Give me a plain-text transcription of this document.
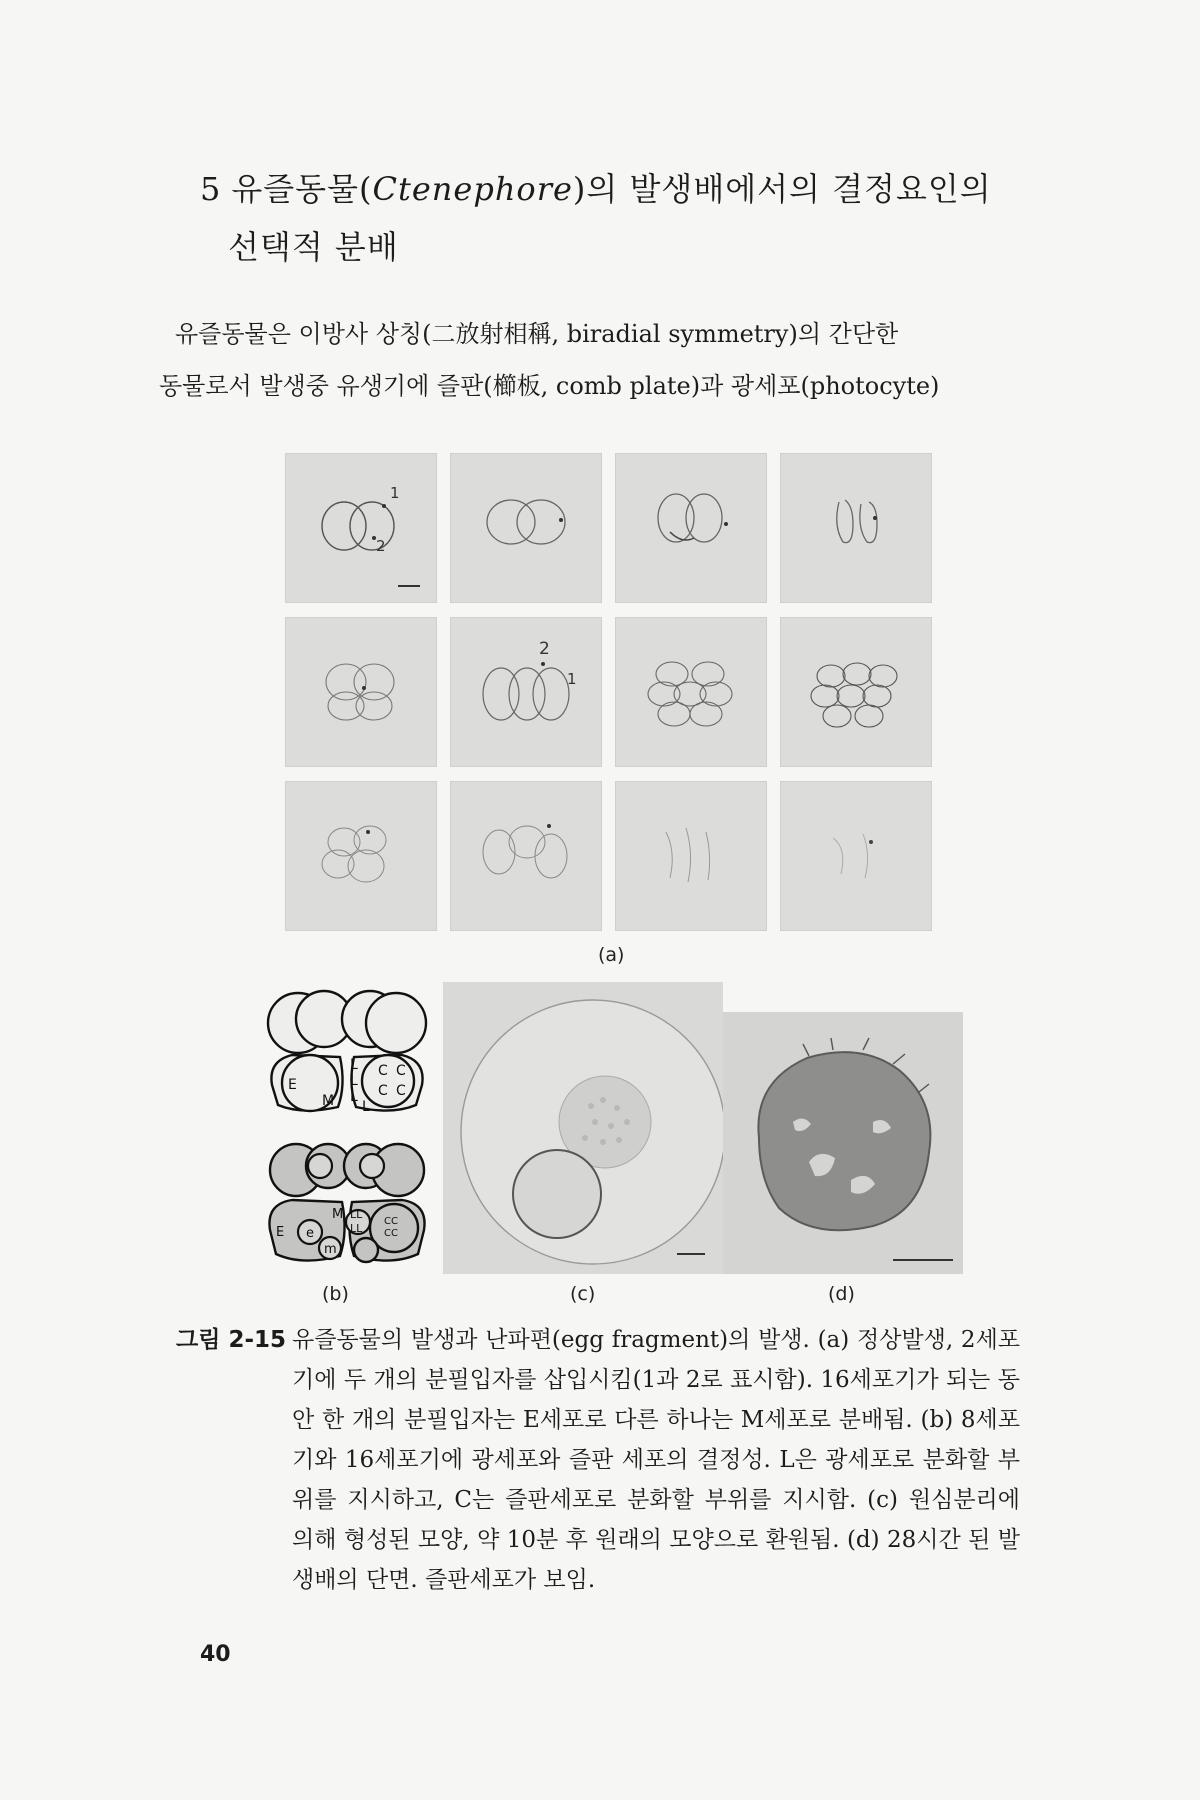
5 유즐동물(Ctenephore)의 발생배에서의 결정요인의
선택적 분배
유즐동물은 이방사 상칭(二放射相稱, biradial symmetry)의 간단한
동물로서 발생중 유생기에 즐판(櫛板, comb plate)과 광세포(photocyte)
1
2
2
1
(a)
E
M
L
L
L
L
C C
C C
E e
m
M LL
LL
CC
CC
(b)	(c)	(d)
그림 2-15 유즐동물의 발생과 난파편(egg fragment)의 발생. (a) 정상발생, 2세포기에 두 개의 분필입자를 삽입시킴(1과 2로 표시함). 16세포기가 되는 동안 한 개의 분필입자는 E세포로 다른 하나는 M세포로 분배됨. (b) 8세포기와 16세포기에 광세포와 즐판 세포의 결정성. L은 광세포로 분화할 부위를 지시하고, C는 즐판세포로 분화할 부위를 지시함. (c) 원심분리에 의해 형성된 모양, 약 10분 후 원래의 모양으로 환원됨. (d) 28시간 된 발생배의 단면. 즐판세포가 보임.
40
